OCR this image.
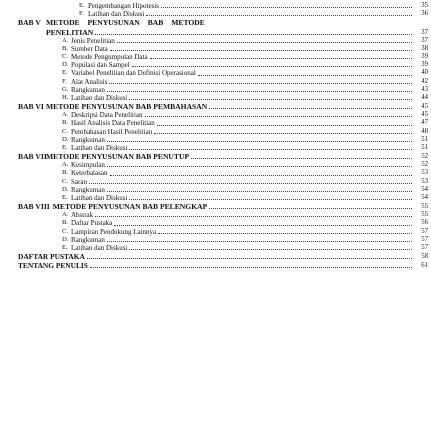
E. Pengembangan Hipotesis	35
F. Latihan dan Diskusi	36
BAB V METODE PENYUSUNAN BAB METODE
PENELITIAN	37
A. Jenis Penelitian	37
B. Sumber Data	38
C. Metode Pengumpulan Data	39
D. Populasi dan Sampel	39
E. Variabel Penelitian dan Definisi Operasional	40
F. Alat Analisis	42
G. Rangkuman	43
H. Latihan dan Diskusi	44
BAB VI METODE PENYUSUNAN BAB PEMBAHASAN	45
A. Deskripsi Data Penelitian	45
B. Hasil Analisis Data Penelitian	47
C. Pembahasan Hasil Penelitian	48
D. Rangkuman	51
E. Latihan dan Diskusi	51
BAB VII METODE PENYUSUNAN BAB PENUTUP	52
A. Kesimpulan	52
B. Keterbatasan	53
C. Saran	53
D. Rangkuman	54
E. Latihan dan Diskusi	54
BAB VIII METODE PENYUSUNAN BAB PELENGKAP	55
A. Abstrak	55
B. Daftar Pustaka	56
C. Lampiran Pendukung Lainnya	57
D. Rangkuman	57
E. Latihan dan Diskusi	57
DAFTAR PUSTAKA	58
TENTANG PENULIS	61
